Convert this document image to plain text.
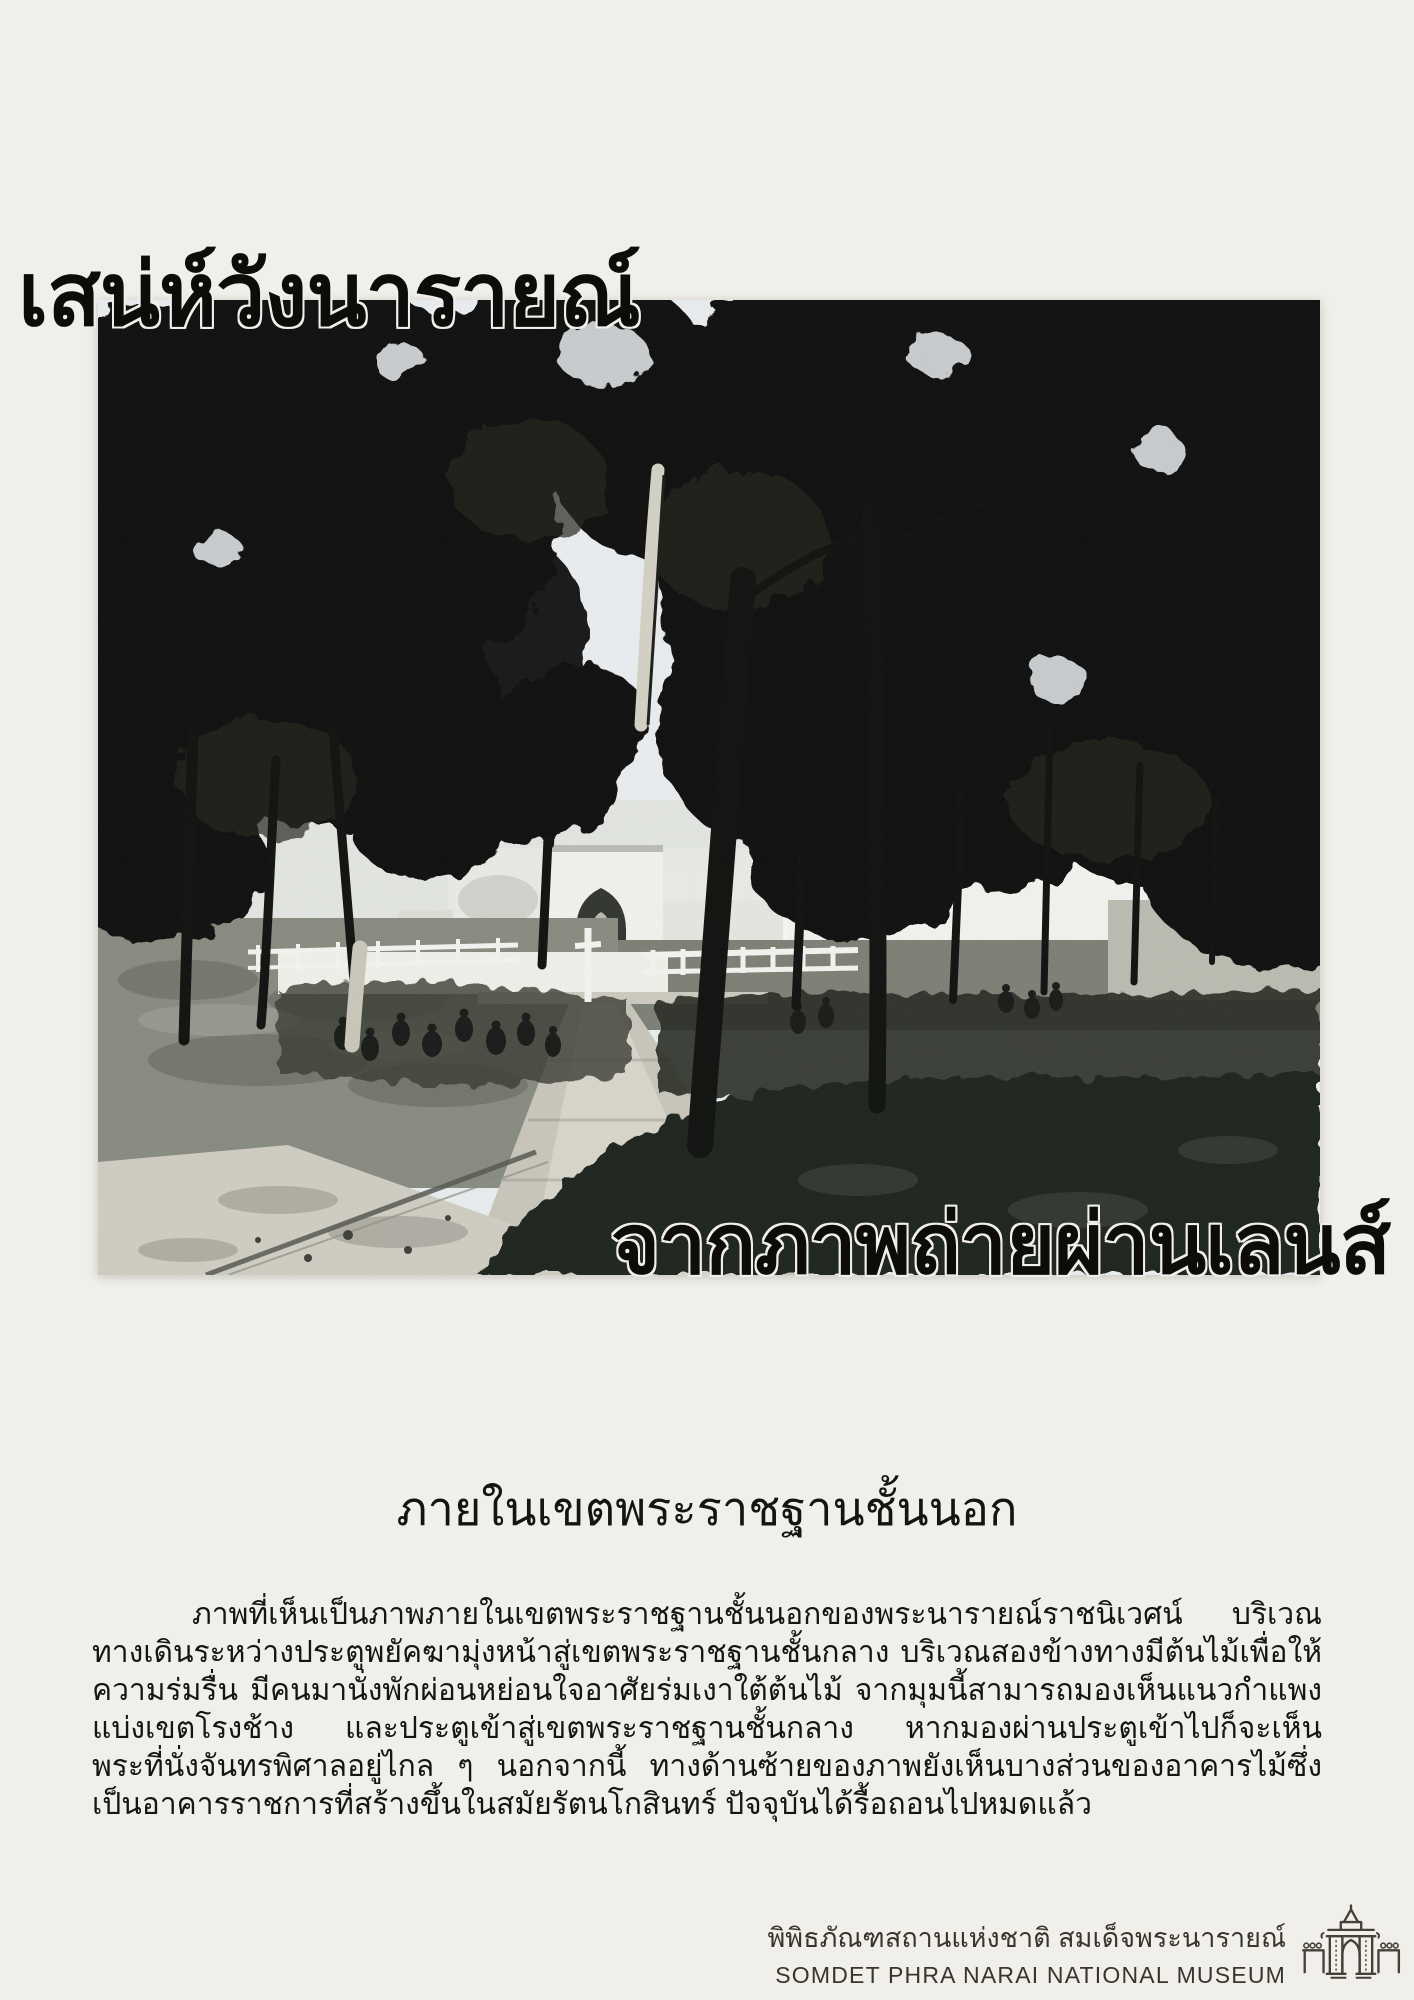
เสน่ห์วังนารายณ์
จากภาพถ่ายผ่านเลนส์
ภายในเขตพระราชฐานชั้นนอก
ภาพที่เห็นเป็นภาพภายในเขตพระราชฐานชั้นนอกของพระนารายณ์ราชนิเวศน์ บริเวณทางเดินระหว่างประตูพยัคฆามุ่งหน้าสู่เขตพระราชฐานชั้นกลาง บริเวณสองข้างทางมีต้นไม้เพื่อให้ความร่มรื่น มีคนมานั่งพักผ่อนหย่อนใจอาศัยร่มเงาใต้ต้นไม้ จากมุมนี้สามารถมองเห็นแนวกำแพงแบ่งเขตโรงช้าง และประตูเข้าสู่เขตพระราชฐานชั้นกลาง หากมองผ่านประตูเข้าไปก็จะเห็นพระที่นั่งจันทรพิศาลอยู่ไกล ๆ นอกจากนี้ ทางด้านซ้ายของภาพยังเห็นบางส่วนของอาคารไม้ซึ่งเป็นอาคารราชการที่สร้างขึ้นในสมัยรัตนโกสินทร์ ปัจจุบันได้รื้อถอนไปหมดแล้ว
พิพิธภัณฑสถานแห่งชาติ สมเด็จพระนารายณ์
SOMDET PHRA NARAI NATIONAL MUSEUM
